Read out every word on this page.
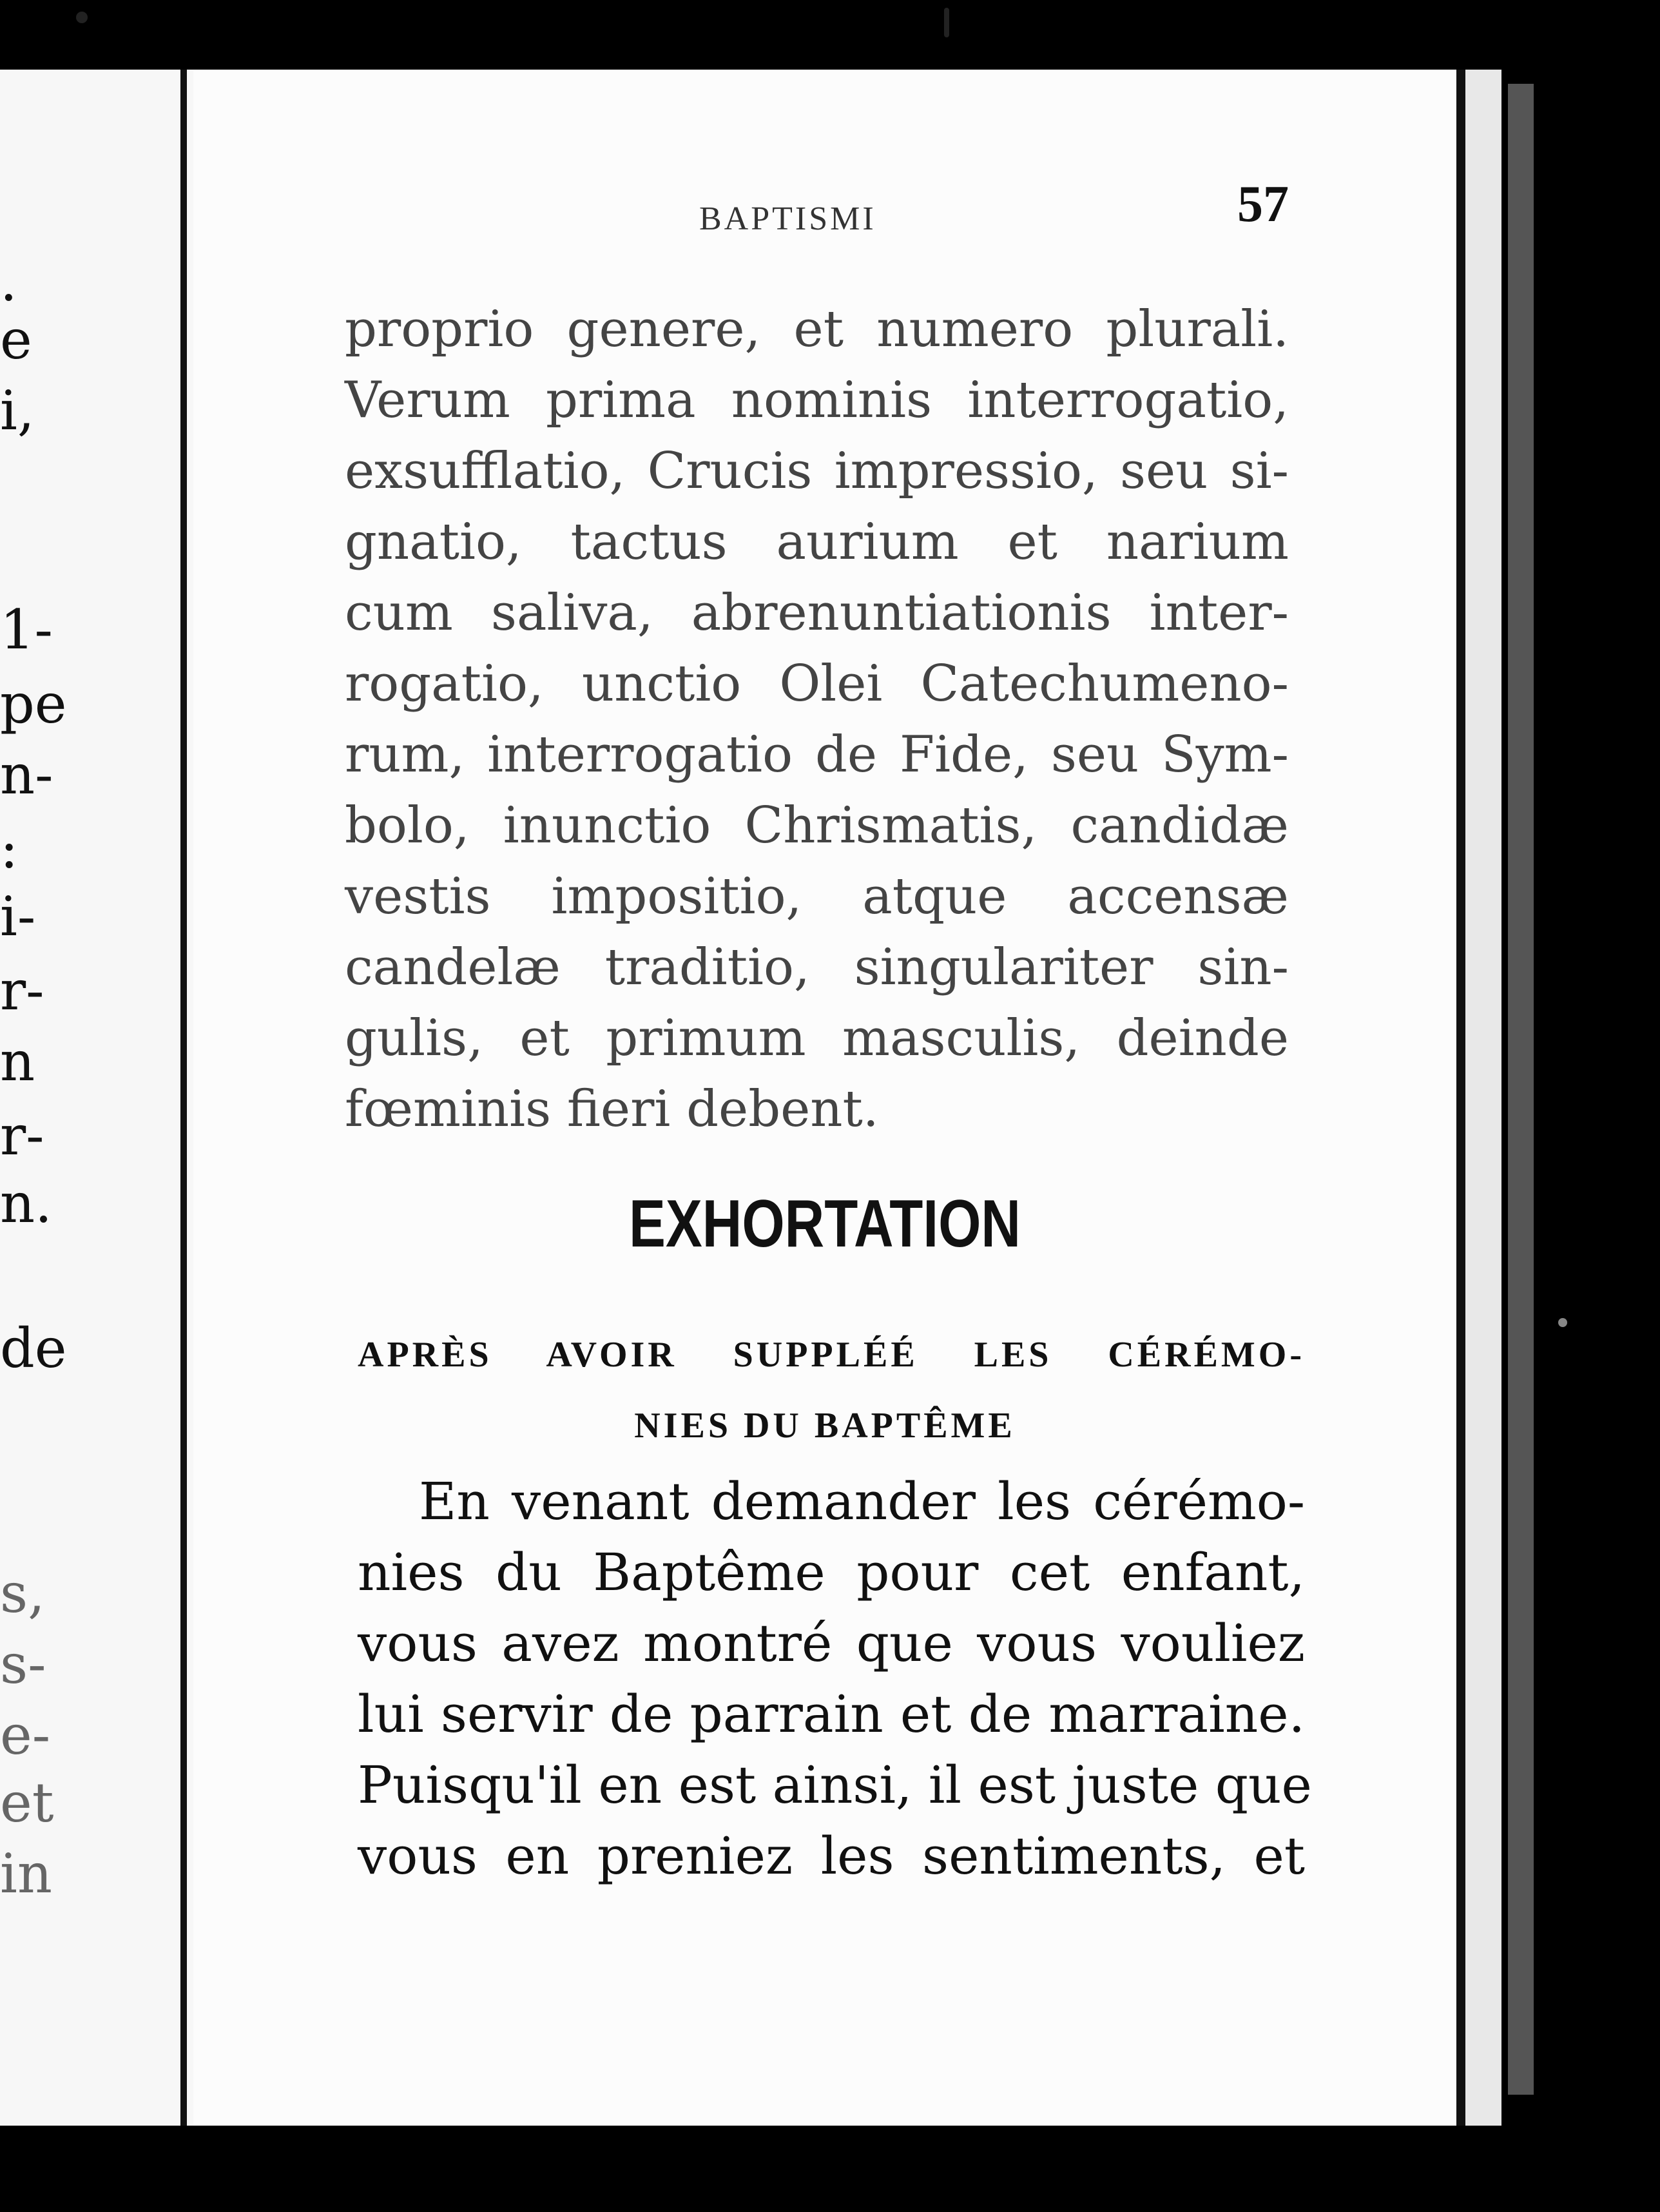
.
e
i,
1-
pe
n-
:
i-
r-
n
r-
n.
de
s,
s-
e-
et
in
BAPTISMI	57
proprio genere, et numero plurali.
Verum prima nominis interrogatio,
exsufflatio, Crucis impressio, seu si-
gnatio, tactus aurium et narium
cum saliva, abrenuntiationis inter-
rogatio, unctio Olei Catechumeno-
rum, interrogatio de Fide, seu Sym-
bolo, inunctio Chrismatis, candidæ
vestis impositio, atque accensæ
candelæ traditio, singulariter sin-
gulis, et primum masculis, deinde
fœminis fieri debent.
EXHORTATION
APRÈS AVOIR SUPPLÉÉ LES CÉRÉMO-
NIES DU BAPTÊME
En venant demander les cérémo-
nies du Baptême pour cet enfant,
vous avez montré que vous vouliez
lui servir de parrain et de marraine.
Puisqu'il en est ainsi, il est juste que
vous en preniez les sentiments, et
